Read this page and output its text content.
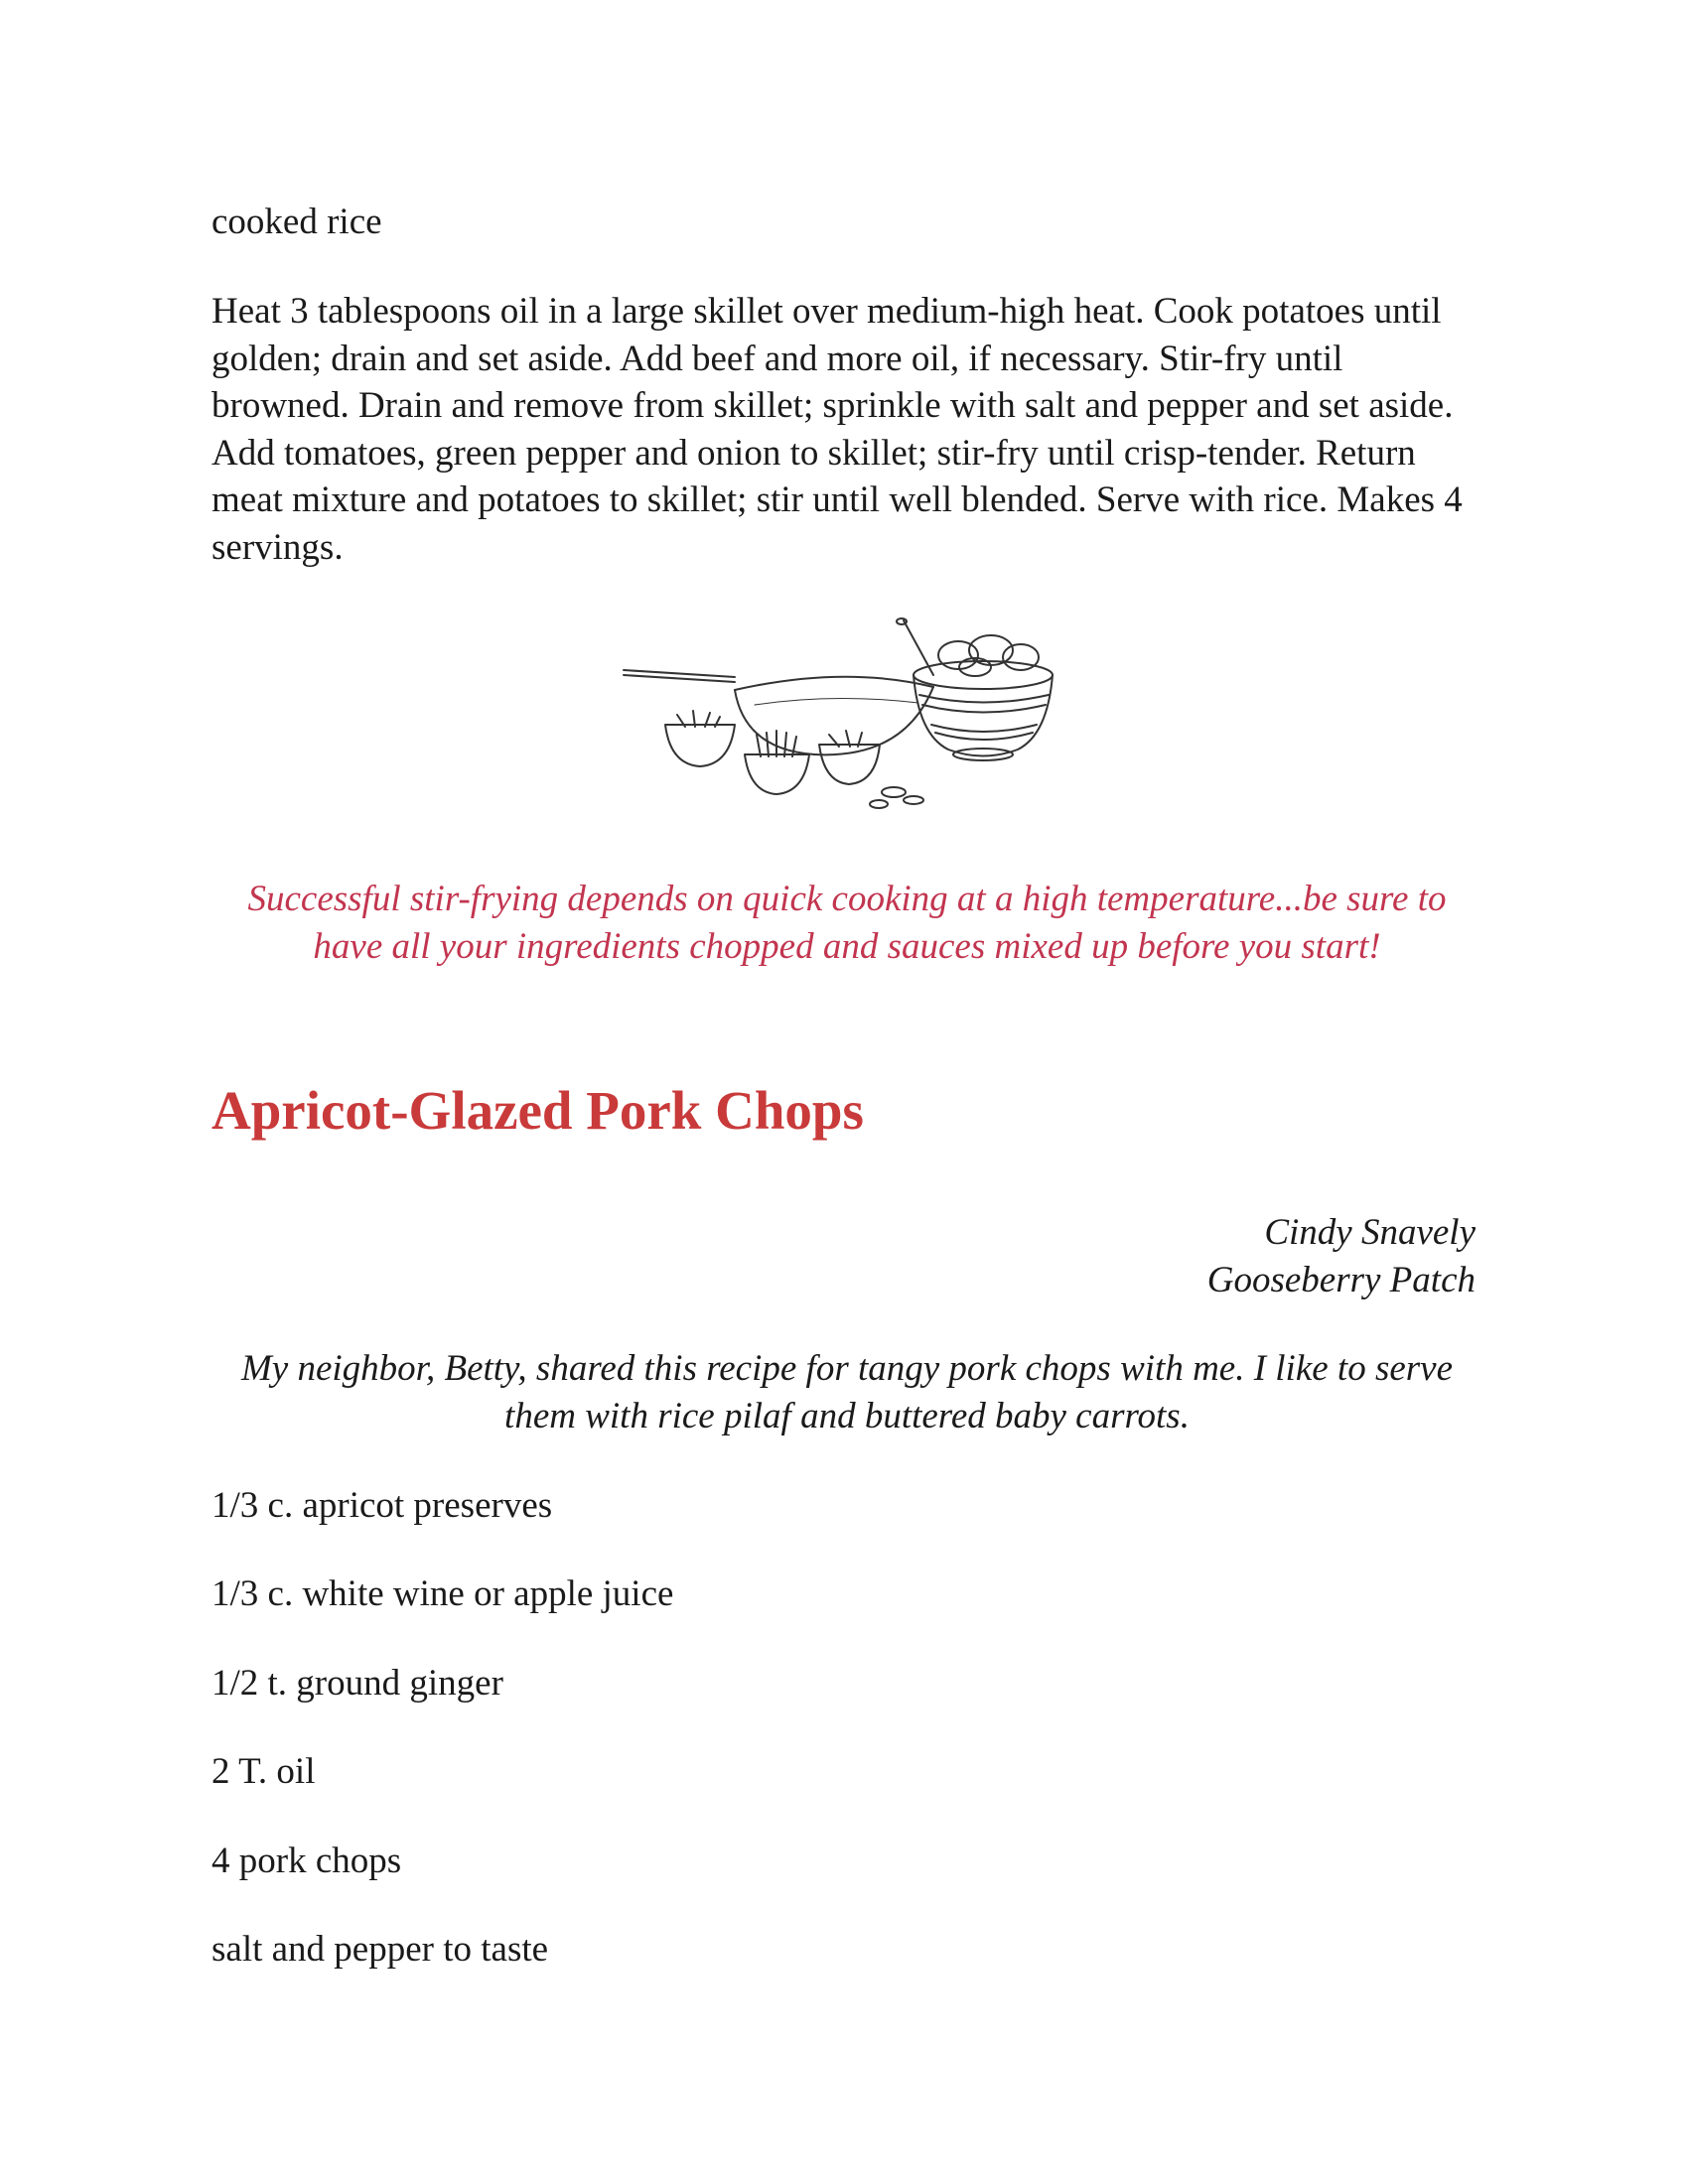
cooked rice

Heat 3 tablespoons oil in a large skillet over medium-high heat. Cook potatoes until golden; drain and set aside. Add beef and more oil, if necessary. Stir-fry until browned. Drain and remove from skillet; sprinkle with salt and pepper and set aside. Add tomatoes, green pepper and onion to skillet; stir-fry until crisp-tender. Return meat mixture and potatoes to skillet; stir until well blended. Serve with rice. Makes 4 servings.

Successful stir-frying depends on quick cooking at a high temperature...be sure to have all your ingredients chopped and sauces mixed up before you start!

Apricot-Glazed Pork Chops
Cindy Snavely
Gooseberry Patch

My neighbor, Betty, shared this recipe for tangy pork chops with me. I like to serve them with rice pilaf and buttered baby carrots.

1/3 c. apricot preserves

1/3 c. white wine or apple juice

1/2 t. ground ginger

2 T. oil

4 pork chops

salt and pepper to taste
